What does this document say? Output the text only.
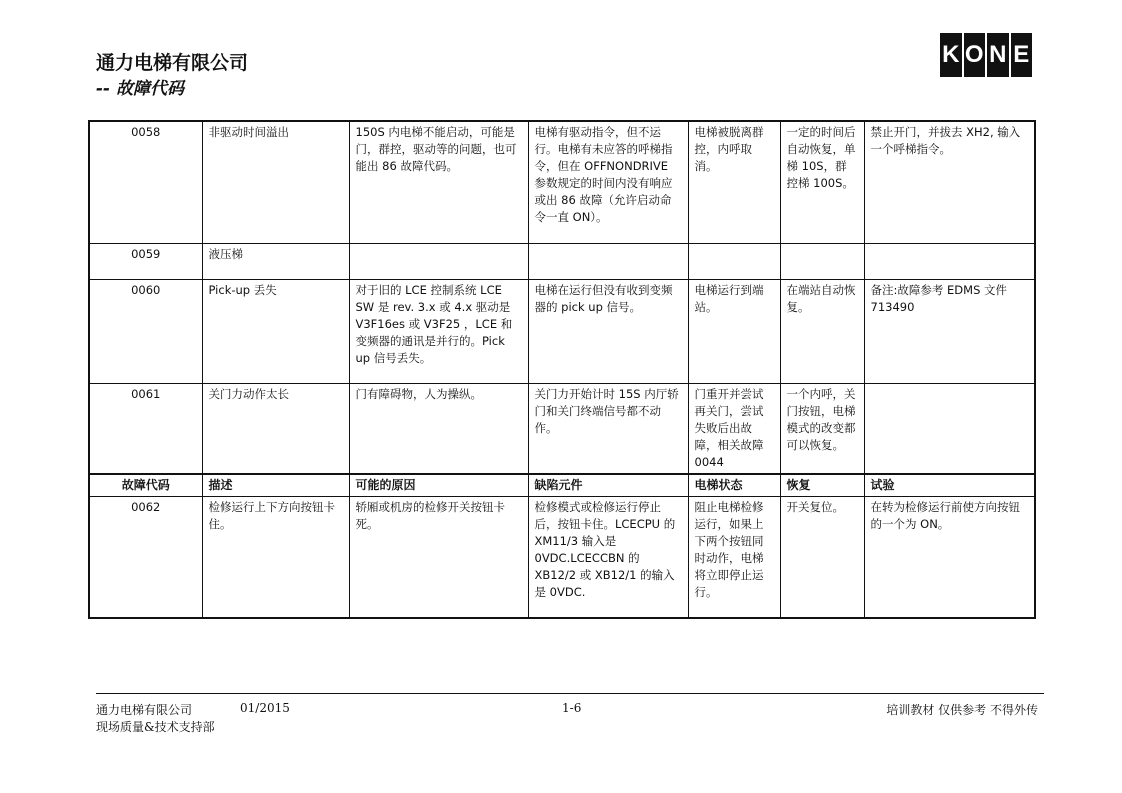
通力电梯有限公司
-- 故障代码
K O N E
0058	非驱动时间溢出	150S 内电梯不能启动，可能是门，群控，驱动等的问题，也可能出 86 故障代码。	电梯有驱动指令，但不运行。电梯有未应答的呼梯指令，但在 OFFNONDRIVE 参数规定的时间内没有响应或出 86 故障（允许启动命令一直 ON）。	电梯被脱离群控，内呼取消。	一定的时间后自动恢复，单梯 10S，群控梯 100S。	禁止开门，并拔去 XH2, 输入一个呼梯指令。
0059	液压梯					
0060	Pick-up 丢失	对于旧的 LCE 控制系统 LCE SW 是 rev. 3.x 或 4.x 驱动是 V3F16es 或 V3F25 ，LCE 和变频器的通讯是并行的。Pick up 信号丢失。	电梯在运行但没有收到变频器的 pick up 信号。	电梯运行到端站。	在端站自动恢复。	备注:故障参考 EDMS 文件 713490
0061	关门力动作太长	门有障碍物，人为操纵。	关门力开始计时 15S 内厅轿门和关门终端信号都不动作。	门重开并尝试再关门，尝试失败后出故障，相关故障 0044	一个内呼，关门按钮，电梯模式的改变都可以恢复。	
故障代码	描述	可能的原因	缺陷元件	电梯状态	恢复	试验
0062	检修运行上下方向按钮卡住。	轿厢或机房的检修开关按钮卡死。	检修模式或检修运行停止后，按钮卡住。LCECPU 的 XM11/3 输入是 0VDC.LCECCBN 的 XB12/2 或 XB12/1 的输入是 0VDC.	阻止电梯检修运行，如果上下两个按钮同时动作，电梯将立即停止运行。	开关复位。	在转为检修运行前使方向按钮的一个为 ON。
通力电梯有限公司	01/2015
现场质量&技术支持部
1-6	培训教材 仅供参考 不得外传
